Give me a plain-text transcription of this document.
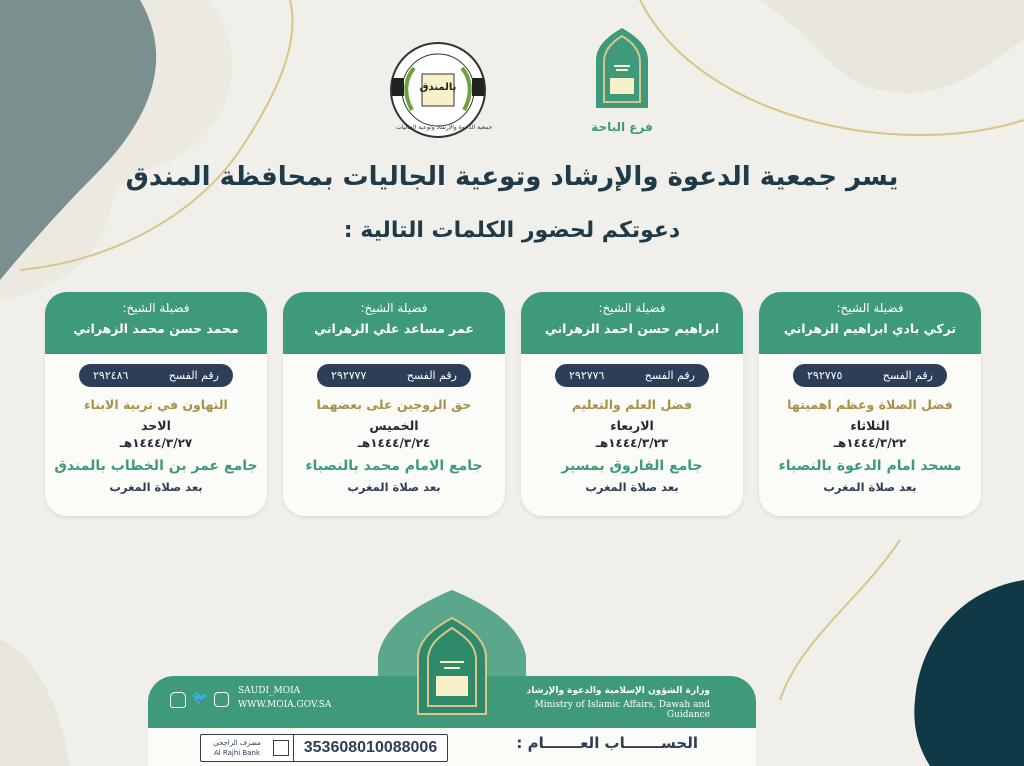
فرع الباحة
بالمندق
جمعية الدعوة والإرشاد وتوعية الجاليات
يسر جمعية الدعوة والإرشاد وتوعية الجاليات بمحافظة المندق
دعوتكم لحضور الكلمات التالية :
فضيلة الشيخ:
تركي بادي ابراهيم الزهراني
رقم الفسح
٢٩٢٧٧٥
فضل الصلاة وعظم اهميتها
الثلاثاء
١٤٤٤/٣/٢٢هـ
مسجد امام الدعوة بالنصباء
بعد صلاة المغرب
فضيلة الشيخ:
ابراهيم حسن احمد الزهراني
رقم الفسح
٢٩٢٧٧٦
فضل العلم والتعليم
الاربعاء
١٤٤٤/٣/٢٣هـ
جامع الفاروق بمسير
بعد صلاة المغرب
فضيلة الشيخ:
عمر مساعد علي الزهراني
رقم الفسح
٢٩٢٧٧٧
حق الزوجين على بعضهما
الخميس
١٤٤٤/٣/٢٤هـ
جامع الامام محمد بالنصباء
بعد صلاة المغرب
فضيلة الشيخ:
محمد حسن محمد الزهراني
رقم الفسح
٢٩٢٤٨٦
التهاون في تربية الابناء
الاحد
١٤٤٤/٣/٢٧هـ
جامع عمر بن الخطاب بالمندق
بعد صلاة المغرب
🐦	SAUDI_MOIA
WWW.MOIA.GOV.SA
وزارة الشؤون الإسلامية والدعوة والإرشاد
Ministry of Islamic Affairs, Dawah and Guidance
الحســـــــاب العـــــــام :
مصرف الراجحي
Al Rajhi Bank	353608010088006
